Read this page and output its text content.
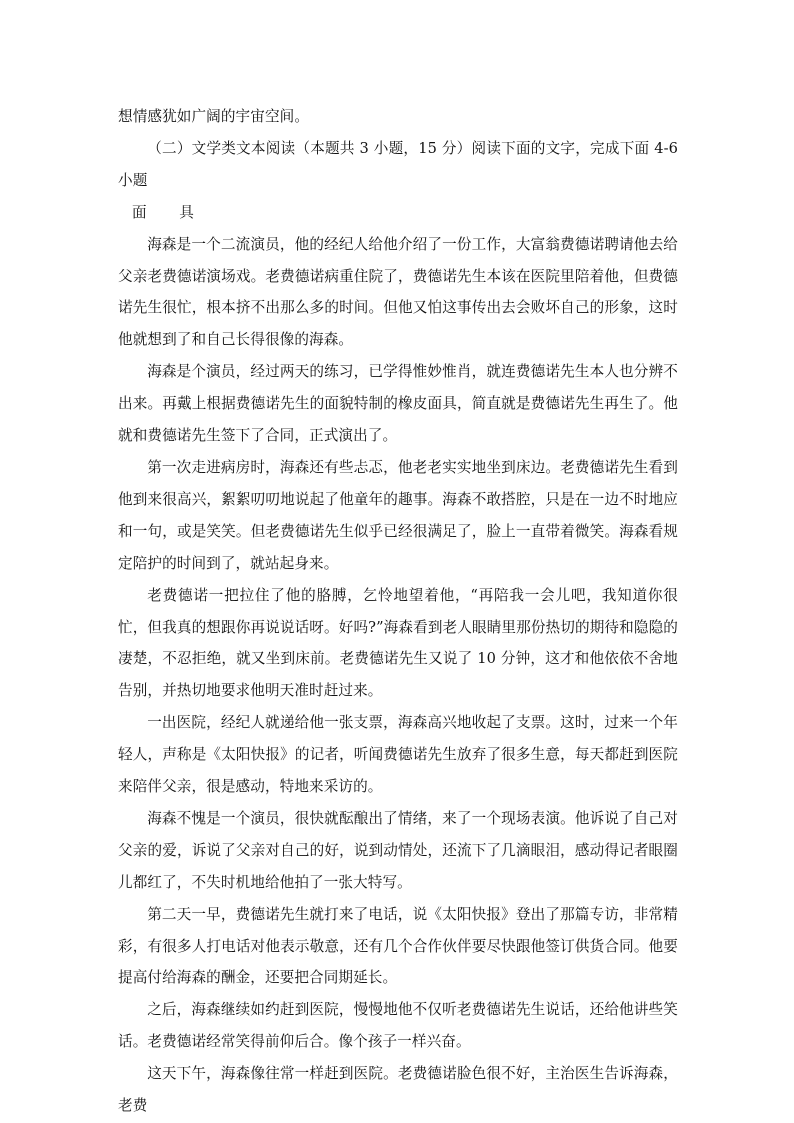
想情感犹如广阔的宇宙空间。

（二）文学类文本阅读（本题共 3 小题，15 分）阅读下面的文字，完成下面 4-6 小题

面 具

海森是一个二流演员，他的经纪人给他介绍了一份工作，大富翁费德诺聘请他去给父亲老费德诺演场戏。老费德诺病重住院了，费德诺先生本该在医院里陪着他，但费德诺先生很忙，根本挤不出那么多的时间。但他又怕这事传出去会败坏自己的形象，这时他就想到了和自己长得很像的海森。

海森是个演员，经过两天的练习，已学得惟妙惟肖，就连费德诺先生本人也分辨不出来。再戴上根据费德诺先生的面貌特制的橡皮面具，简直就是费德诺先生再生了。他就和费德诺先生签下了合同，正式演出了。

第一次走进病房时，海森还有些忐忑，他老老实实地坐到床边。老费德诺先生看到他到来很高兴，絮絮叨叨地说起了他童年的趣事。海森不敢搭腔，只是在一边不时地应和一句，或是笑笑。但老费德诺先生似乎已经很满足了，脸上一直带着微笑。海森看规定陪护的时间到了，就站起身来。

老费德诺一把拉住了他的胳膊，乞怜地望着他，“再陪我一会儿吧，我知道你很忙，但我真的想跟你再说说话呀。好吗?”海森看到老人眼睛里那份热切的期待和隐隐的凄楚，不忍拒绝，就又坐到床前。老费德诺先生又说了 10 分钟，这才和他依依不舍地告别，并热切地要求他明天准时赶过来。

一出医院，经纪人就递给他一张支票，海森高兴地收起了支票。这时，过来一个年轻人，声称是《太阳快报》的记者，听闻费德诺先生放弃了很多生意，每天都赶到医院来陪伴父亲，很是感动，特地来采访的。

海森不愧是一个演员，很快就酝酿出了情绪，来了一个现场表演。他诉说了自己对父亲的爱，诉说了父亲对自己的好，说到动情处，还流下了几滴眼泪，感动得记者眼圈儿都红了，不失时机地给他拍了一张大特写。

第二天一早，费德诺先生就打来了电话，说《太阳快报》登出了那篇专访，非常精彩，有很多人打电话对他表示敬意，还有几个合作伙伴要尽快跟他签订供货合同。他要提高付给海森的酬金，还要把合同期延长。

之后，海森继续如约赶到医院，慢慢地他不仅听老费德诺先生说话，还给他讲些笑话。老费德诺经常笑得前仰后合。像个孩子一样兴奋。

这天下午，海森像往常一样赶到医院。老费德诺脸色很不好，主治医生告诉海森，老费
